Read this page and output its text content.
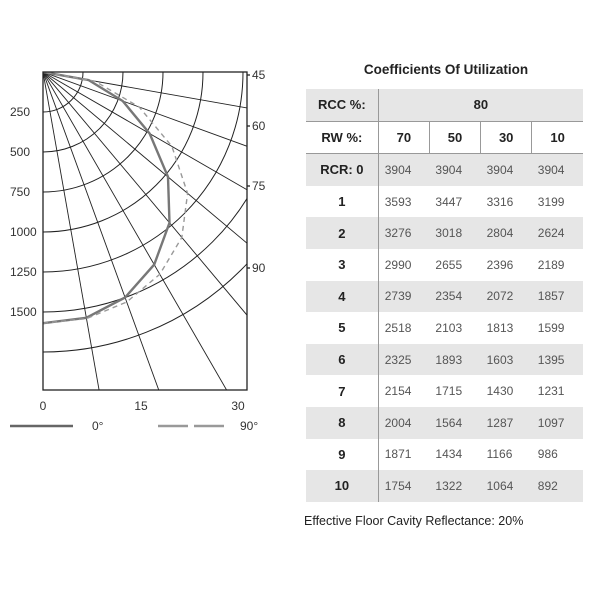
250
500
750
1000
1250
1500
0	15	30
45
60
75
90
0°	90°
Coefficients Of Utilization
RCC %:	80			
RW %:	70	50	30	10
RCR: 0	3904	3904	3904	3904
1	3593	3447	3316	3199
2	3276	3018	2804	2624
3	2990	2655	2396	2189
4	2739	2354	2072	1857
5	2518	2103	1813	1599
6	2325	1893	1603	1395
7	2154	1715	1430	1231
8	2004	1564	1287	1097
9	1871	1434	1166	986
10	1754	1322	1064	892
Effective Floor Cavity Reflectance: 20%
